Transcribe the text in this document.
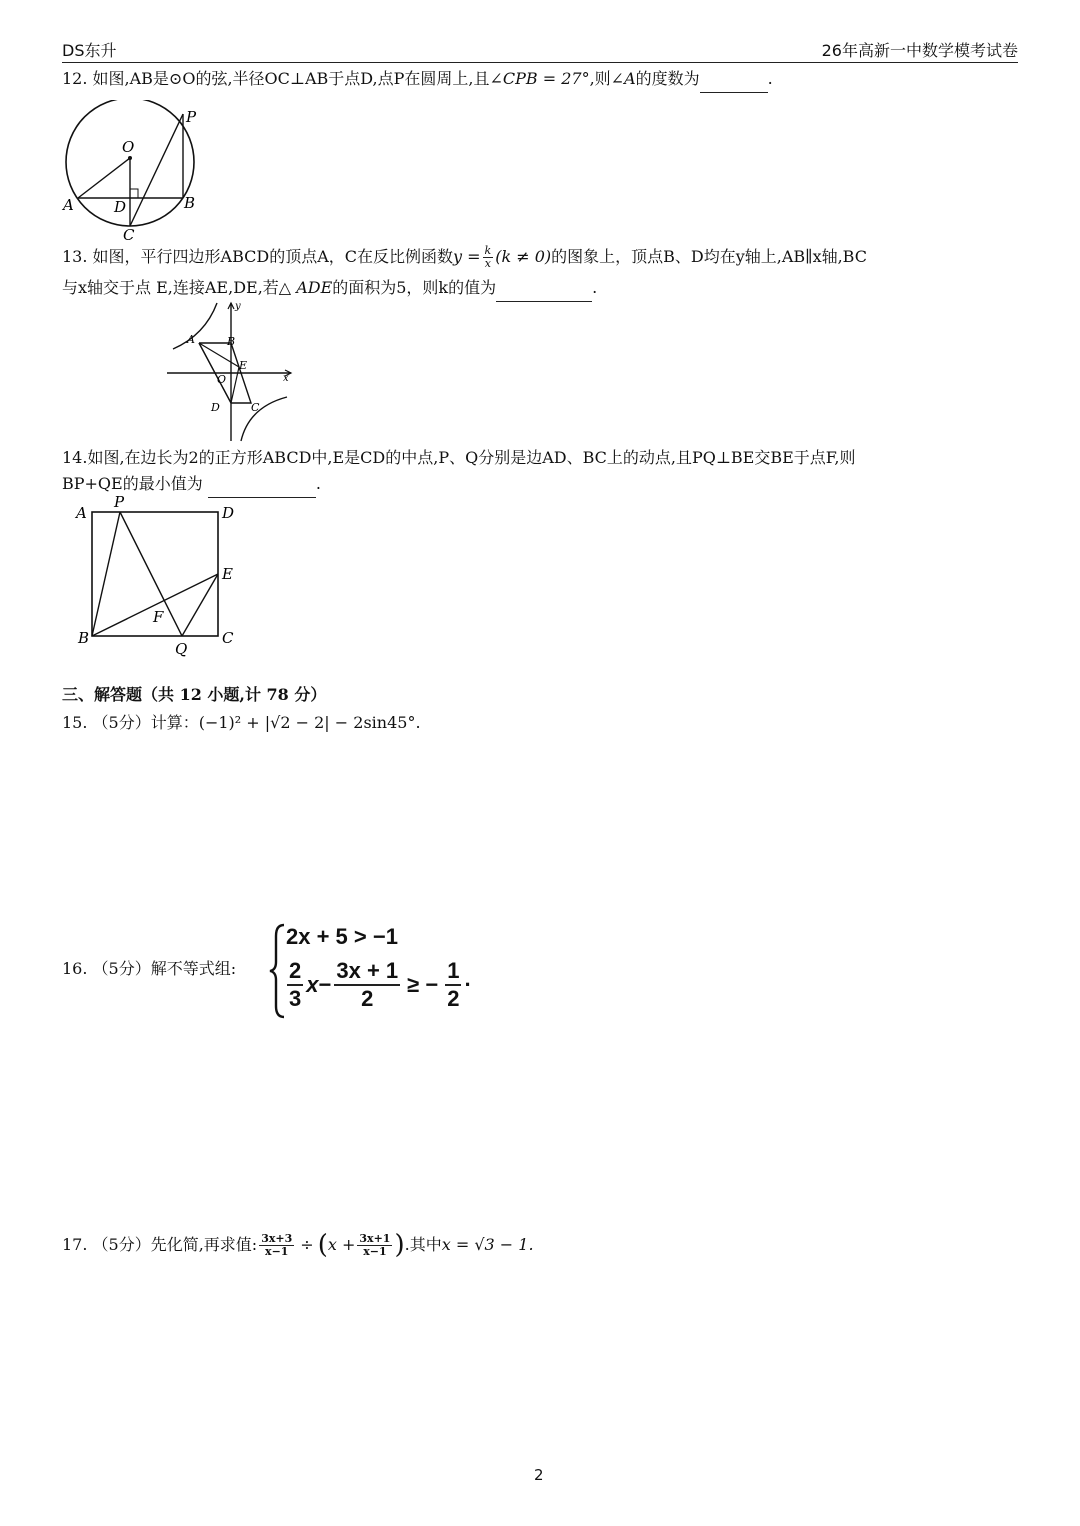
DS东升	26年高新一中数学模考试卷
12. 如图,AB是⊙O的弦,半径OC⊥AB于点D,点P在圆周上,且∠CPB = 27°,则∠A的度数为	.
P
O
A	D	B
C
13. 如图，平行四边形ABCD的顶点A，C在反比例函数$y = \frac{k}{x} (k \ne 0)$的图象上，顶点B、D均在y轴上,AB∥x轴,BC
与x轴交于点 E,连接AE,DE,若△ ADE的面积为5，则k的值为	.
A	B
E
O
D	C
y
x
14.如图,在边长为2的正方形ABCD中,E是CD的中点,P、Q分别是边AD、BC上的动点,且PQ⊥BE交BE于点F,则
BP+QE的最小值为	.
A
P
D
E
F
B
Q
C
三、解答题（共 12 小题,计 78 分）
15. （5分）计算：(−1)² + |√2 − 2| − 2sin45°.
16. （5分）解不等式组:
2x + 5 > −1
$\frac{2}{3}$ $x - \frac{3x + 1}{2}$ ≥ − $\frac{1}{2}$ ·
17. （5分）先化简,再求值: $\frac{3x+3}{x-1}$ ÷ ( $x + \frac{3x+1}{x-1}$ ) .其中 x = √3 − 1.
2
